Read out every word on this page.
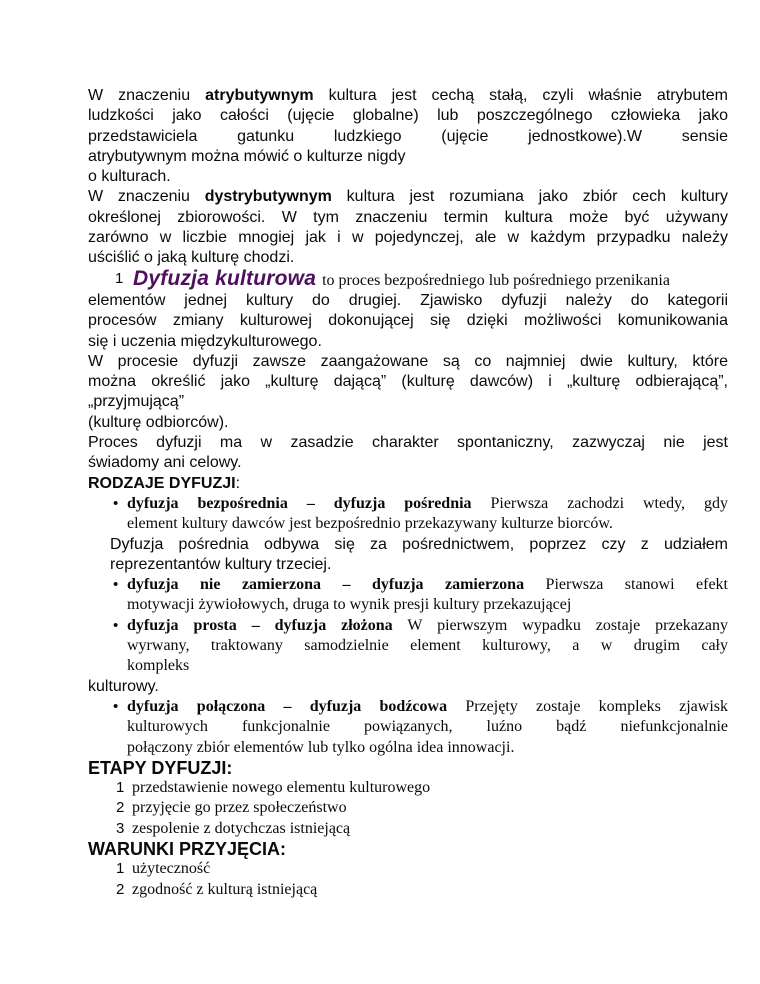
W znaczeniu atrybutywnym kultura jest cechą stałą, czyli właśnie atrybutem
ludzkości jako całości (ujęcie globalne) lub poszczególnego człowieka jako
przedstawiciela gatunku ludzkiego (ujęcie jednostkowe).W sensie
atrybutywnym można mówić o kulturze nigdy
o kulturach.
W znaczeniu dystrybutywnym kultura jest rozumiana jako zbiór cech kultury
określonej zbiorowości. W tym znaczeniu termin kultura może być używany
zarówno w liczbie mnogiej jak i w pojedynczej, ale w każdym przypadku należy
uściślić o jaką kulturę chodzi.
1 Dyfuzja kulturowa to proces bezpośredniego lub pośredniego przenikania
elementów jednej kultury do drugiej. Zjawisko dyfuzji należy do kategorii
procesów zmiany kulturowej dokonującej się dzięki możliwości komunikowania
się i uczenia międzykulturowego.
W procesie dyfuzji zawsze zaangażowane są co najmniej dwie kultury, które
można określić jako „kulturę dającą” (kulturę dawców) i „kulturę odbierającą”,
„przyjmującą”
(kulturę odbiorców).
Proces dyfuzji ma w zasadzie charakter spontaniczny, zazwyczaj nie jest
świadomy ani celowy.
RODZAJE DYFUZJI:
• dyfuzja bezpośrednia – dyfuzja pośrednia Pierwsza zachodzi wtedy, gdy
element kultury dawców jest bezpośrednio przekazywany kulturze biorców.
Dyfuzja pośrednia odbywa się za pośrednictwem, poprzez czy z udziałem
reprezentantów kultury trzeciej.
• dyfuzja nie zamierzona – dyfuzja zamierzona Pierwsza stanowi efekt
motywacji żywiołowych, druga to wynik presji kultury przekazującej
• dyfuzja prosta – dyfuzja złożona W pierwszym wypadku zostaje przekazany
wyrwany, traktowany samodzielnie element kulturowy, a w drugim cały
kompleks
kulturowy.
• dyfuzja połączona – dyfuzja bodźcowa Przejęty zostaje kompleks zjawisk
kulturowych funkcjonalnie powiązanych, luźno bądź niefunkcjonalnie
połączony zbiór elementów lub tylko ogólna idea innowacji.
ETAPY DYFUZJI:
1 przedstawienie nowego elementu kulturowego
2 przyjęcie go przez społeczeństwo
3 zespolenie z dotychczas istniejącą
WARUNKI PRZYJĘCIA:
1 użyteczność
2 zgodność z kulturą istniejącą
